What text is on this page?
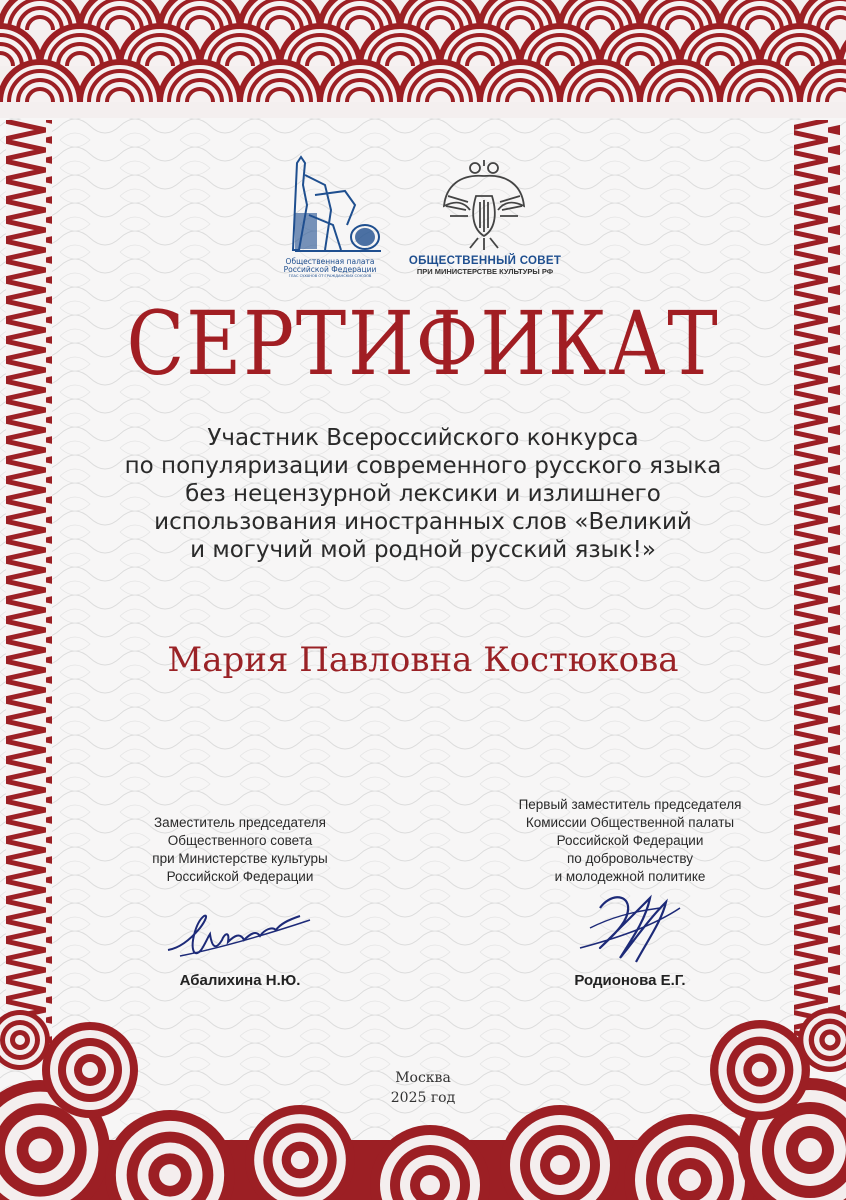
Общественная палата
Российской Федерации
ГЛАС СУХАНОВ ОТ ГРАЖДАНСКИХ СОЮЗОВ
ОБЩЕСТВЕННЫЙ СОВЕТ
ПРИ МИНИСТЕРСТВЕ КУЛЬТУРЫ РФ
СЕРТИФИКАТ
Участник Всероссийского конкурса
по популяризации современного русского языка
без нецензурной лексики и излишнего
использования иностранных слов «Великий
и могучий мой родной русский язык!»
Мария Павловна Костюкова
Заместитель председателя
Общественного совета
при Министерстве культуры
Российской Федерации
Абалихина Н.Ю.
Первый заместитель председателя
Комиссии Общественной палаты
Российской Федерации
по добровольчеству
и молодежной политике
Родионова Е.Г.
Москва
2025 год
